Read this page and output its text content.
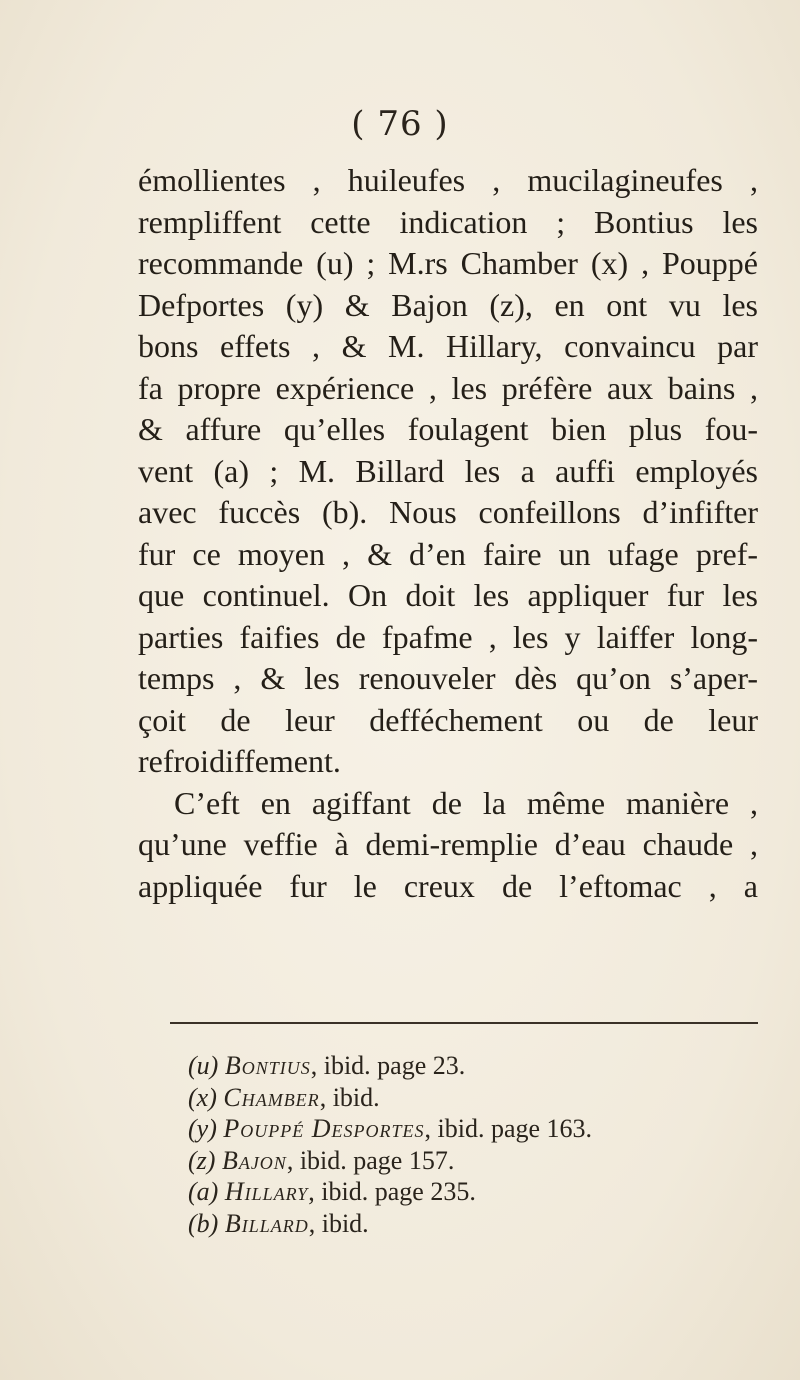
( 76 )
émollientes , huileufes , mucilagineufes ,
rempliffent cette indication ; Bontius les
recommande (u) ; M.rs Chamber (x) , Pouppé
Defportes (y) & Bajon (z), en ont vu les
bons effets , & M. Hillary, convaincu par
fa propre expérience , les préfère aux bains ,
& affure qu’elles foulagent bien plus fou-
vent (a) ; M. Billard les a auffi employés
avec fuccès (b). Nous confeillons d’infifter
fur ce moyen , & d’en faire un ufage pref-
que continuel. On doit les appliquer fur les
parties faifies de fpafme , les y laiffer long-
temps , & les renouveler dès qu’on s’aper-
çoit de leur defféchement ou de leur
refroidiffement.
C’eft en agiffant de la même manière ,
qu’une veffie à demi-remplie d’eau chaude ,
appliquée fur le creux de l’eftomac , a
(u) Bontius, ibid. page 23.
(x) Chamber, ibid.
(y) Pouppé Desportes, ibid. page 163.
(z) Bajon, ibid. page 157.
(a) Hillary, ibid. page 235.
(b) Billard, ibid.
